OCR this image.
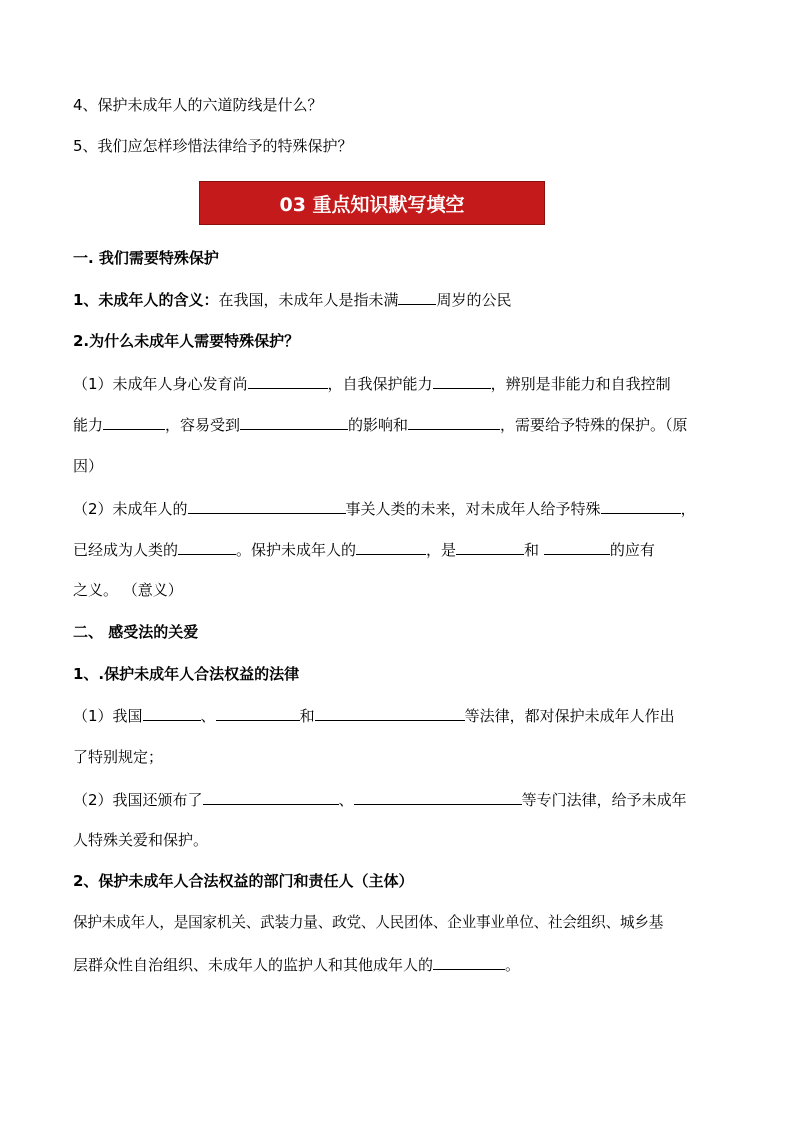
4、保护未成年人的六道防线是什么？
5、我们应怎样珍惜法律给予的特殊保护？
03 重点知识默写填空
一. 我们需要特殊保护
1、未成年人的含义：在我国，未成年人是指未满	周岁的公民
2.为什么未成年人需要特殊保护？
（1）未成年人身心发育尚	，自我保护能力	，辨别是非能力和自我控制
能力	，容易受到	的影响和	，需要给予特殊的保护。（原
因）
（2）未成年人的	事关人类的未来，对未成年人给予特殊	，
已经成为人类的	。保护未成年人的	，是	和	的应有
之义。 （意义）
二、 感受法的关爱
1、.保护未成年人合法权益的法律
（1）我国	、	和	等法律，都对保护未成年人作出
了特别规定；
（2）我国还颁布了	、	等专门法律，给予未成年
人特殊关爱和保护。
2、保护未成年人合法权益的部门和责任人（主体）
保护未成年人，是国家机关、武装力量、政党、人民团体、企业事业单位、社会组织、城乡基
层群众性自治组织、未成年人的监护人和其他成年人的	。
